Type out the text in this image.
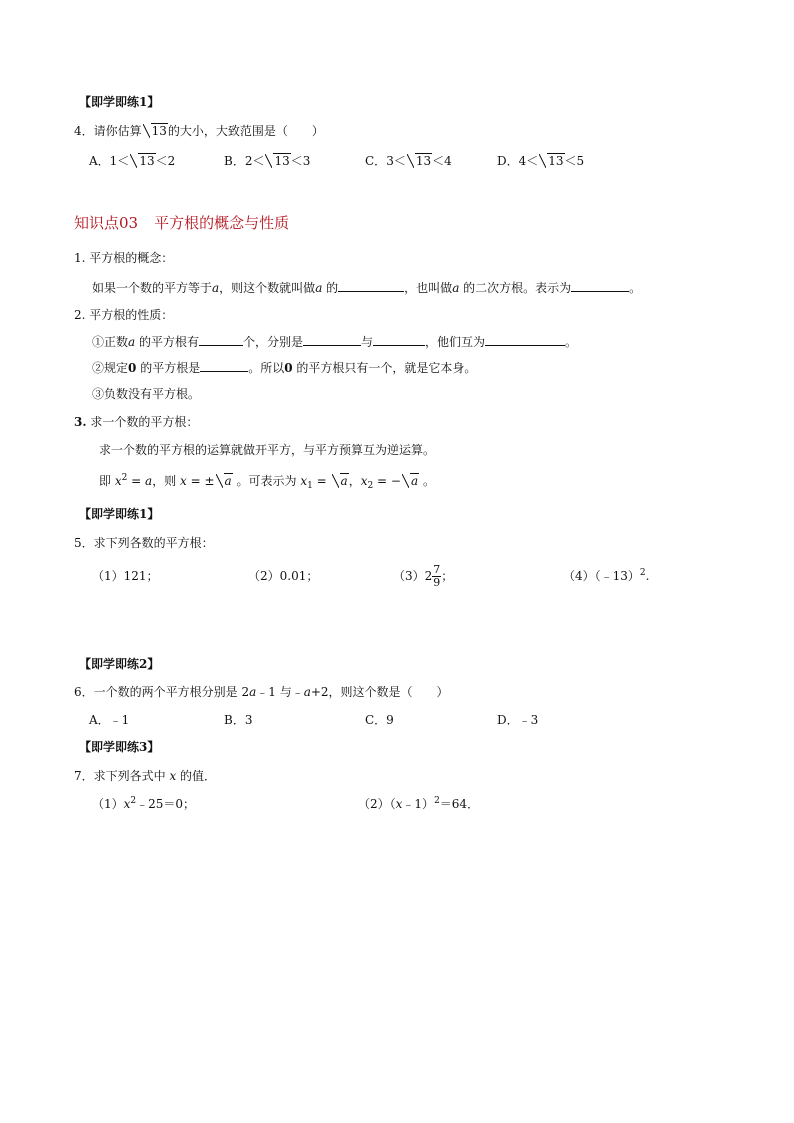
【即学即练1】
4．请你估算 13的大小，大致范围是（　　）
A．1＜ 13＜2	B．2＜ 13＜3	C．3＜ 13＜4	D．4＜ 13＜5
知识点03 平方根的概念与性质
1. 平方根的概念：
如果一个数的平方等于a，则这个数就叫做a 的	，也叫做a 的二次方根。表示为	。
2. 平方根的性质：
①正数a 的平方根有	个，分别是	与	，他们互为	。
②规定0 的平方根是	。所以0 的平方根只有一个，就是它本身。
③负数没有平方根。
3. 求一个数的平方根：
求一个数的平方根的运算就做开平方，与平方预算互为逆运算。
即 $x^2 = a$，则 x = ± a 。可表示为 $x_1 = a$，$x_2$ = − a 。
【即学即练1】
5．求下列各数的平方根：
（1）121；	（2）0.01；	（3） $2 \frac{7}{9}$ ；	（4）（﹣13）$^2$.
【即学即练2】
6．一个数的两个平方根分别是 2a﹣1 与﹣a+2，则这个数是（　　）
A．﹣1	B．3	C．9	D．﹣3
【即学即练3】
7．求下列各式中 x 的值．
$(1)x^2﹣25=0$；	（2）（x﹣1）$^2$＝64．
